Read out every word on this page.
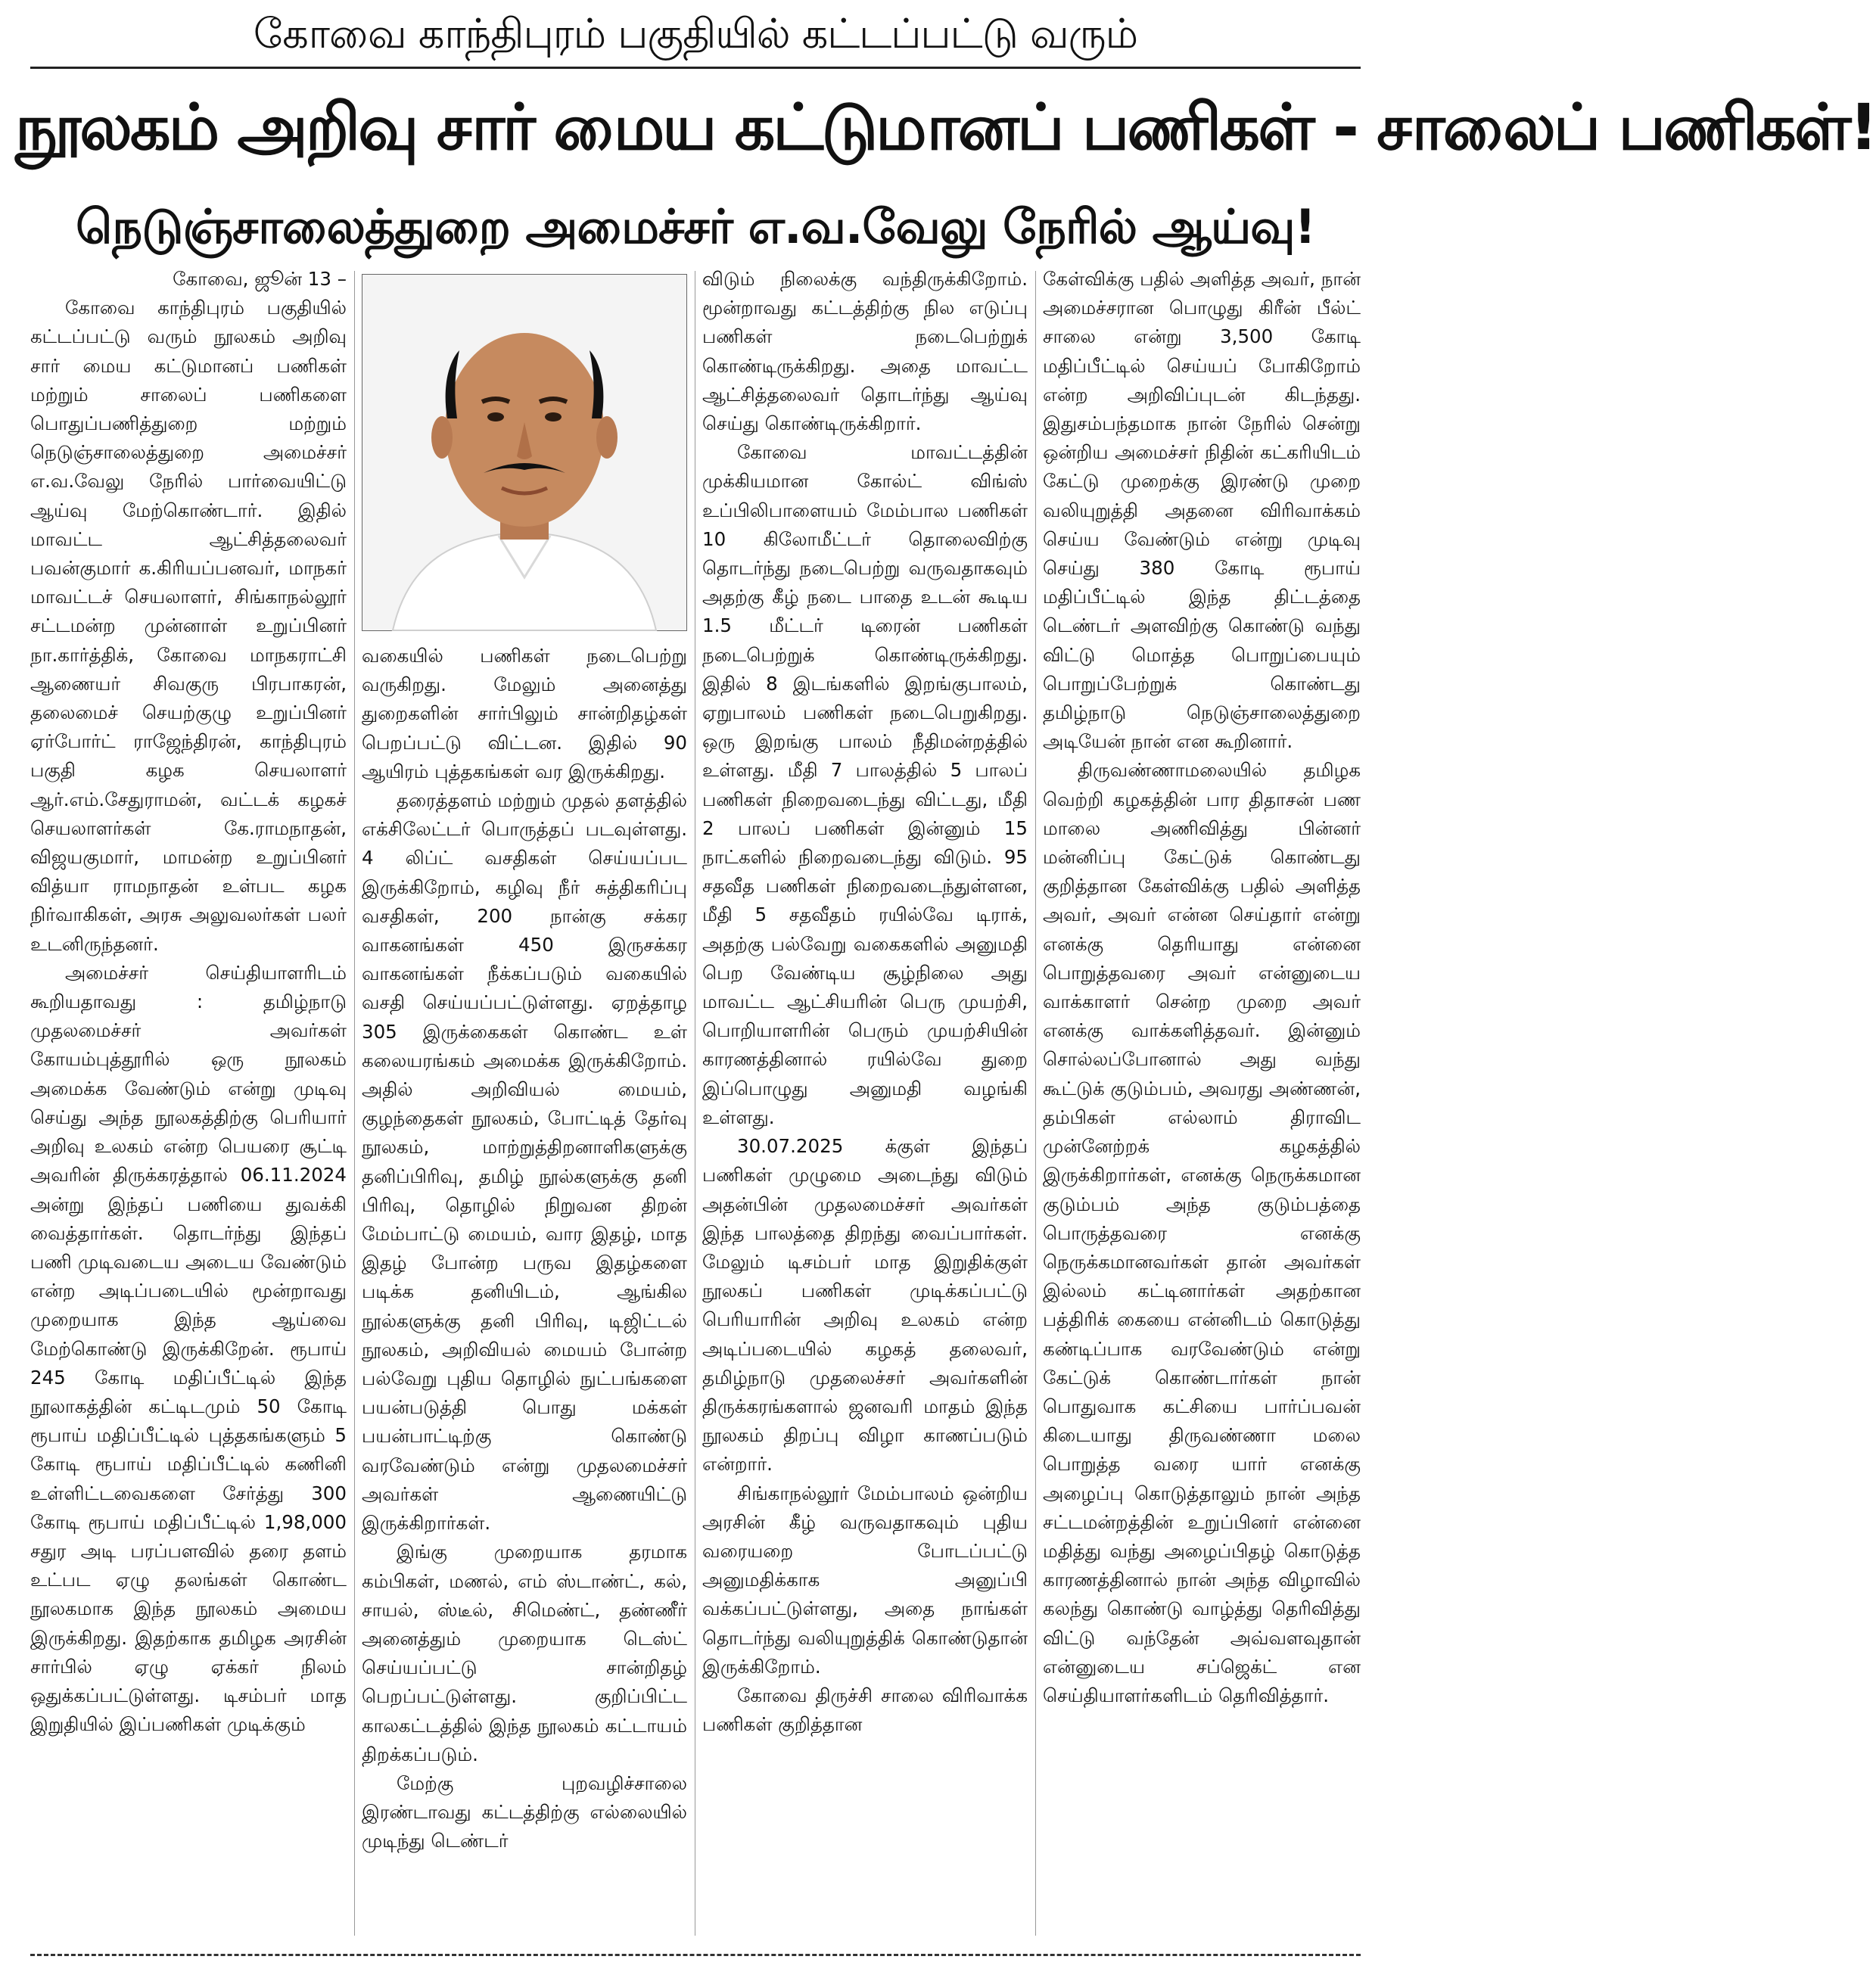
கோவை காந்திபுரம் பகுதியில் கட்டப்பட்டு வரும்
நூலகம் அறிவு சார் மைய கட்டுமானப் பணிகள் - சாலைப் பணிகள்!
நெடுஞ்சாலைத்துறை அமைச்சர் எ.வ.வேலு நேரில் ஆய்வு!

கோவை, ஜூன் 13 –

கோவை காந்திபுரம் பகுதியில் கட்டப்பட்டு வரும் நூலகம் அறிவு சார் மைய கட்டுமானப் பணிகள் மற்றும் சாலைப் பணிகளை பொதுப்பணித்துறை மற்றும் நெடுஞ்சாலைத்துறை அமைச்சர் எ.வ.வேலு நேரில் பார்வையிட்டு ஆய்வு மேற்கொண்டார். இதில் மாவட்ட ஆட்சித்தலைவர் பவன்குமார் க.கிரியப்பனவர், மாநகர் மாவட்டச் செயலாளர், சிங்காநல்லூர் சட்டமன்ற முன்னாள் உறுப்பினர் நா.கார்த்திக், கோவை மாநகராட்சி ஆணையர் சிவகுரு பிரபாகரன், தலைமைச் செயற்குழு உறுப்பினர் ஏர்போர்ட் ராஜேந்திரன், காந்திபுரம் பகுதி கழக செயலாளர் ஆர்.எம்.சேதுராமன், வட்டக் கழகச் செயலாளர்கள் கே.ராமநாதன், விஜயகுமார், மாமன்ற உறுப்பினர் வித்யா ராமநாதன் உள்பட கழக நிர்வாகிகள், அரசு அலுவலர்கள் பலர் உடனிருந்தனர்.

அமைச்சர் செய்தியாளரிடம் கூறியதாவது : தமிழ்நாடு முதலமைச்சர் அவர்கள் கோயம்புத்தூரில் ஒரு நூலகம் அமைக்க வேண்டும் என்று முடிவு செய்து அந்த நூலகத்திற்கு பெரியார் அறிவு உலகம் என்ற பெயரை சூட்டி அவரின் திருக்கரத்தால் 06.11.2024 அன்று இந்தப் பணியை துவக்கி வைத்தார்கள். தொடர்ந்து இந்தப் பணி முடிவடைய அடைய வேண்டும் என்ற அடிப்படையில் மூன்றாவது முறையாக இந்த ஆய்வை மேற்கொண்டு இருக்கிறேன். ரூபாய் 245 கோடி மதிப்பீட்டில் இந்த நூலாகத்தின் கட்டிடமும் 50 கோடி ரூபாய் மதிப்பீட்டில் புத்தகங்களும் 5 கோடி ரூபாய் மதிப்பீட்டில் கணினி உள்ளிட்டவைகளை சேர்த்து 300 கோடி ரூபாய் மதிப்பீட்டில் 1,98,000 சதுர அடி பரப்பளவில் தரை தளம் உட்பட ஏழு தலங்கள் கொண்ட நூலகமாக இந்த நூலகம் அமைய இருக்கிறது. இதற்காக தமிழக அரசின் சார்பில் ஏழு ஏக்கர் நிலம் ஒதுக்கப்பட்டுள்ளது. டிசம்பர் மாத இறுதியில் இப்பணிகள் முடிக்கும்

வகையில் பணிகள் நடைபெற்று வருகிறது. மேலும் அனைத்து துறைகளின் சார்பிலும் சான்றிதழ்கள் பெறப்பட்டு விட்டன. இதில் 90 ஆயிரம் புத்தகங்கள் வர இருக்கிறது.

தரைத்தளம் மற்றும் முதல் தளத்தில் எக்சிலேட்டர் பொருத்தப் படவுள்ளது. 4 லிப்ட் வசதிகள் செய்யப்பட இருக்கிறோம், கழிவு நீர் சுத்திகரிப்பு வசதிகள், 200 நான்கு சக்கர வாகனங்கள் 450 இருசக்கர வாகனங்கள் நீக்கப்படும் வகையில் வசதி செய்யப்பட்டுள்ளது. ஏறத்தாழ 305 இருக்கைகள் கொண்ட உள் கலையரங்கம் அமைக்க இருக்கிறோம். அதில் அறிவியல் மையம், குழந்தைகள் நூலகம், போட்டித் தேர்வு நூலகம், மாற்றுத்திறனாளிகளுக்கு தனிப்பிரிவு, தமிழ் நூல்களுக்கு தனி பிரிவு, தொழில் நிறுவன திறன் மேம்பாட்டு மையம், வார இதழ், மாத இதழ் போன்ற பருவ இதழ்களை படிக்க தனியிடம், ஆங்கில நூல்களுக்கு தனி பிரிவு, டிஜிட்டல் நூலகம், அறிவியல் மையம் போன்ற பல்வேறு புதிய தொழில் நுட்பங்களை பயன்படுத்தி பொது மக்கள் பயன்பாட்டிற்கு கொண்டு வரவேண்டும் என்று முதலமைச்சர் அவர்கள் ஆணையிட்டு இருக்கிறார்கள்.

இங்கு முறையாக தரமாக கம்பிகள், மணல், எம் ஸ்டாண்ட், கல், சாயல், ஸ்டீல், சிமெண்ட், தண்ணீர் அனைத்தும் முறையாக டெஸ்ட் செய்யப்பட்டு சான்றிதழ் பெறப்பட்டுள்ளது. குறிப்பிட்ட காலகட்டத்தில் இந்த நூலகம் கட்டாயம் திறக்கப்படும்.

மேற்கு புறவழிச்சாலை இரண்டாவது கட்டத்திற்கு எல்லையில் முடிந்து டெண்டர்

விடும் நிலைக்கு வந்திருக்கிறோம். மூன்றாவது கட்டத்திற்கு நில எடுப்பு பணிகள் நடைபெற்றுக் கொண்டிருக்கிறது. அதை மாவட்ட ஆட்சித்தலைவர் தொடர்ந்து ஆய்வு செய்து கொண்டிருக்கிறார்.

கோவை மாவட்டத்தின் முக்கியமான கோல்ட் விங்ஸ் உப்பிலிபாளையம் மேம்பால பணிகள் 10 கிலோமீட்டர் தொலைவிற்கு தொடர்ந்து நடைபெற்று வருவதாகவும் அதற்கு கீழ் நடை பாதை உடன் கூடிய 1.5 மீட்டர் டிரைன் பணிகள் நடைபெற்றுக் கொண்டிருக்கிறது. இதில் 8 இடங்களில் இறங்குபாலம், ஏறுபாலம் பணிகள் நடைபெறுகிறது. ஒரு இறங்கு பாலம் நீதிமன்றத்தில் உள்ளது. மீதி 7 பாலத்தில் 5 பாலப் பணிகள் நிறைவடைந்து விட்டது, மீதி 2 பாலப் பணிகள் இன்னும் 15 நாட்களில் நிறைவடைந்து விடும். 95 சதவீத பணிகள் நிறைவடைந்துள்ளன, மீதி 5 சதவீதம் ரயில்வே டிராக், அதற்கு பல்வேறு வகைகளில் அனுமதி பெற வேண்டிய சூழ்நிலை அது மாவட்ட ஆட்சியரின் பெரு முயற்சி, பொறியாளரின் பெரும் முயற்சியின் காரணத்தினால் ரயில்வே துறை இப்பொழுது அனுமதி வழங்கி உள்ளது.

30.07.2025 க்குள் இந்தப் பணிகள் முழுமை அடைந்து விடும் அதன்பின் முதலமைச்சர் அவர்கள் இந்த பாலத்தை திறந்து வைப்பார்கள். மேலும் டிசம்பர் மாத இறுதிக்குள் நூலகப் பணிகள் முடிக்கப்பட்டு பெரியாரின் அறிவு உலகம் என்ற அடிப்படையில் கழகத் தலைவர், தமிழ்நாடு முதலைச்சர் அவர்களின் திருக்கரங்களால் ஜனவரி மாதம் இந்த நூலகம் திறப்பு விழா காணப்படும் என்றார்.

சிங்காநல்லூர் மேம்பாலம் ஒன்றிய அரசின் கீழ் வருவதாகவும் புதிய வரையறை போடப்பட்டு அனுமதிக்காக அனுப்பி வக்கப்பட்டுள்ளது, அதை நாங்கள் தொடர்ந்து வலியுறுத்திக் கொண்டுதான் இருக்கிறோம்.

கோவை திருச்சி சாலை விரிவாக்க பணிகள் குறித்தான

கேள்விக்கு பதில் அளித்த அவர், நான் அமைச்சரான பொழுது கிரீன் பீல்ட் சாலை என்று 3,500 கோடி மதிப்பீட்டில் செய்யப் போகிறோம் என்ற அறிவிப்புடன் கிடந்தது. இதுசம்பந்தமாக நான் நேரில் சென்று ஒன்றிய அமைச்சர் நிதின் கட்கரியிடம் கேட்டு முறைக்கு இரண்டு முறை வலியுறுத்தி அதனை விரிவாக்கம் செய்ய வேண்டும் என்று முடிவு செய்து 380 கோடி ரூபாய் மதிப்பீட்டில் இந்த திட்டத்தை டெண்டர் அளவிற்கு கொண்டு வந்து விட்டு மொத்த பொறுப்பையும் பொறுப்பேற்றுக் கொண்டது தமிழ்நாடு நெடுஞ்சாலைத்துறை அடியேன் நான் என கூறினார்.

திருவண்ணாமலையில் தமிழக வெற்றி கழகத்தின் பார திதாசன் பண மாலை அணிவித்து பின்னர் மன்னிப்பு கேட்டுக் கொண்டது குறித்தான கேள்விக்கு பதில் அளித்த அவர், அவர் என்ன செய்தார் என்று எனக்கு தெரியாது என்னை பொறுத்தவரை அவர் என்னுடைய வாக்காளர் சென்ற முறை அவர் எனக்கு வாக்களித்தவர். இன்னும் சொல்லப்போனால் அது வந்து கூட்டுக் குடும்பம், அவரது அண்ணன், தம்பிகள் எல்லாம் திராவிட முன்னேற்றக் கழகத்தில் இருக்கிறார்கள், எனக்கு நெருக்கமான குடும்பம் அந்த குடும்பத்தை பொருத்தவரை எனக்கு நெருக்கமானவர்கள் தான் அவர்கள் இல்லம் கட்டினார்கள் அதற்கான பத்திரிக் கையை என்னிடம் கொடுத்து கண்டிப்பாக வரவேண்டும் என்று கேட்டுக் கொண்டார்கள் நான் பொதுவாக கட்சியை பார்ப்பவன் கிடையாது திருவண்ணா மலை பொறுத்த வரை யார் எனக்கு அழைப்பு கொடுத்தாலும் நான் அந்த சட்டமன்றத்தின் உறுப்பினர் என்னை மதித்து வந்து அழைப்பிதழ் கொடுத்த காரணத்தினால் நான் அந்த விழாவில் கலந்து கொண்டு வாழ்த்து தெரிவித்து விட்டு வந்தேன் அவ்வளவுதான் என்னுடைய சப்ஜெக்ட் என செய்தியாளர்களிடம் தெரிவித்தார்.
